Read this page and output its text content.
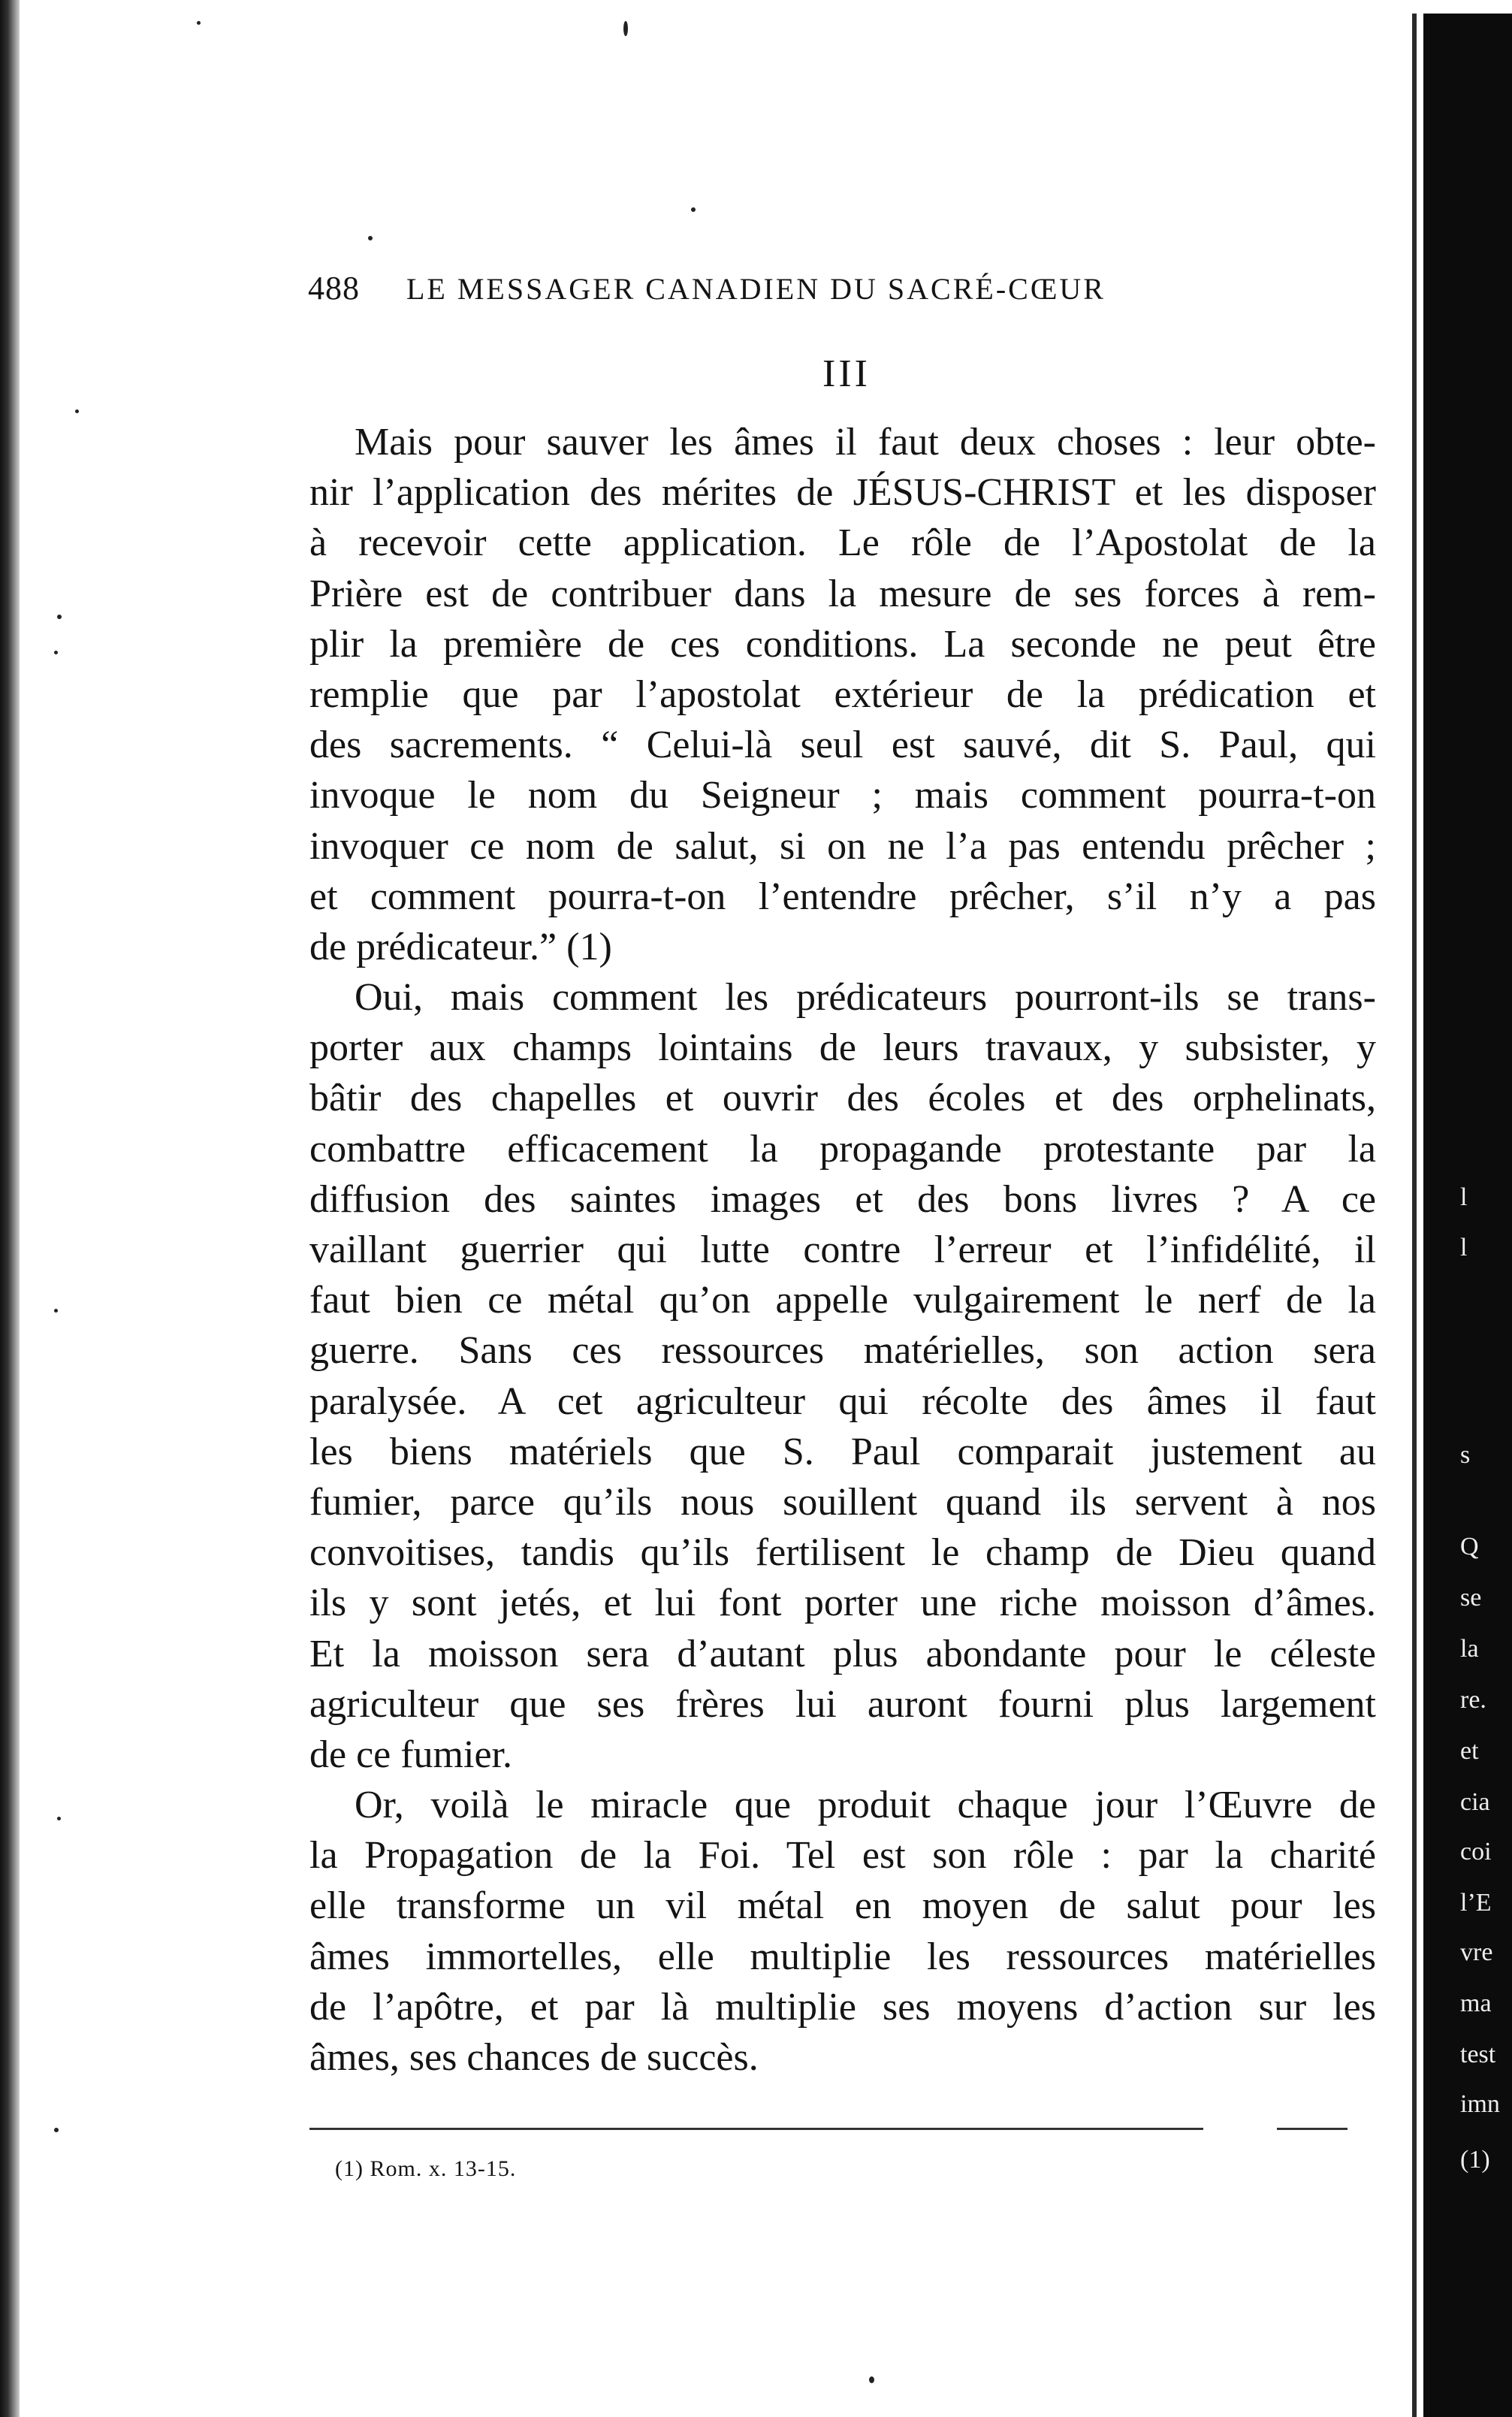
488 LE MESSAGER CANADIEN DU SACRÉ-CŒUR
III
Mais pour sauver les âmes il faut deux choses : leur obte-
nir l’application des mérites de JÉSUS-CHRIST et les disposer
à recevoir cette application. Le rôle de l’Apostolat de la
Prière est de contribuer dans la mesure de ses forces à rem-
plir la première de ces conditions. La seconde ne peut être
remplie que par l’apostolat extérieur de la prédication et
des sacrements. “ Celui-là seul est sauvé, dit S. Paul, qui
invoque le nom du Seigneur ; mais comment pourra-t-on
invoquer ce nom de salut, si on ne l’a pas entendu prêcher ;
et comment pourra-t-on l’entendre prêcher, s’il n’y a pas
de prédicateur.” (1)
Oui, mais comment les prédicateurs pourront-ils se trans-
porter aux champs lointains de leurs travaux, y subsister, y
bâtir des chapelles et ouvrir des écoles et des orphelinats,
combattre efficacement la propagande protestante par la
diffusion des saintes images et des bons livres ? A ce
vaillant guerrier qui lutte contre l’erreur et l’infidélité, il
faut bien ce métal qu’on appelle vulgairement le nerf de la
guerre. Sans ces ressources matérielles, son action sera
paralysée. A cet agriculteur qui récolte des âmes il faut
les biens matériels que S. Paul comparait justement au
fumier, parce qu’ils nous souillent quand ils servent à nos
convoitises, tandis qu’ils fertilisent le champ de Dieu quand
ils y sont jetés, et lui font porter une riche moisson d’âmes.
Et la moisson sera d’autant plus abondante pour le céleste
agriculteur que ses frères lui auront fourni plus largement
de ce fumier.
Or, voilà le miracle que produit chaque jour l’Œuvre de
la Propagation de la Foi. Tel est son rôle : par la charité
elle transforme un vil métal en moyen de salut pour les
âmes immortelles, elle multiplie les ressources matérielles
de l’apôtre, et par là multiplie ses moyens d’action sur les
âmes, ses chances de succès.
(1) Rom. x. 13-15.
l
l
s
Q
se
la
re.
et
cia
coi
l’E
vre
ma
test
imn
(1)
